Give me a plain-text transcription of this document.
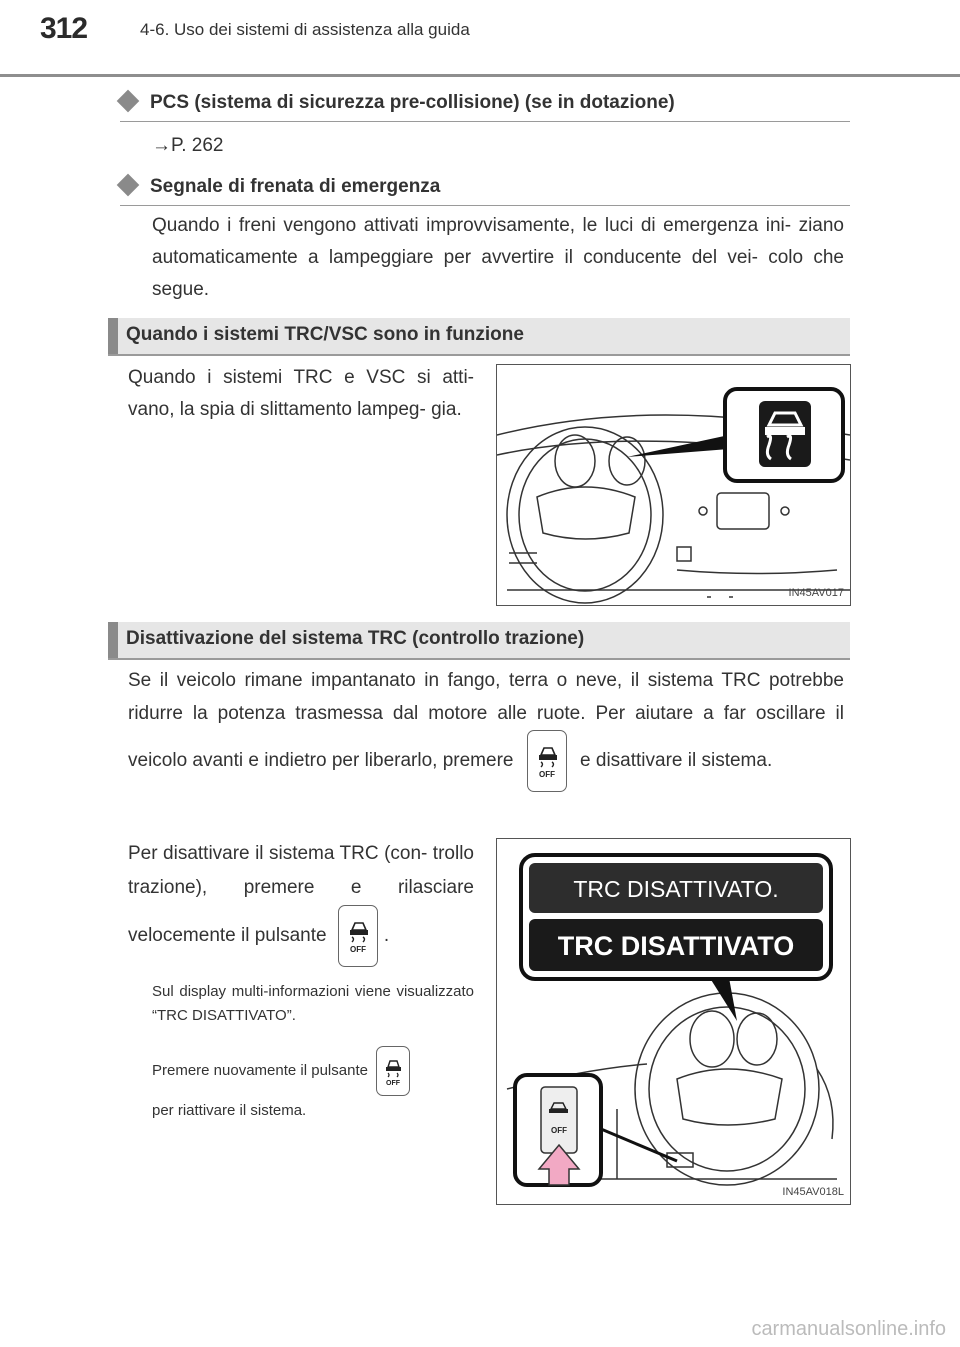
312	4-6. Uso dei sistemi di assistenza alla guida
PCS (sistema di sicurezza pre-collisione) (se in dotazione)
→P. 262
Segnale di frenata di emergenza
Quando i freni vengono attivati improvvisamente, le luci di emergenza ini- ziano automaticamente a lampeggiare per avvertire il conducente del vei- colo che segue.
Quando i sistemi TRC/VSC sono in funzione
Quando i sistemi TRC e VSC si atti- vano, la spia di slittamento lampeg- gia.
IN45AV017
Disattivazione del sistema TRC (controllo trazione)
Se il veicolo rimane impantanato in fango, terra o neve, il sistema TRC potrebbe ridurre la potenza trasmessa dal motore alle ruote. Per aiutare a far oscillare il veicolo avanti e indietro per liberarlo, premere
OFF
e disattivare il sistema.
Per disattivare il sistema TRC (con- trollo trazione), premere e rilasciare velocemente il pulsante
OFF
.
Sul display multi-informazioni viene visualizzato “TRC DISATTIVATO”.
Premere nuovamente il pulsante
OFF

per riattivare il sistema.
TRC DISATTIVATO.
TRC DISATTIVATO
OFF
IN45AV018L
carmanualsonline.info
